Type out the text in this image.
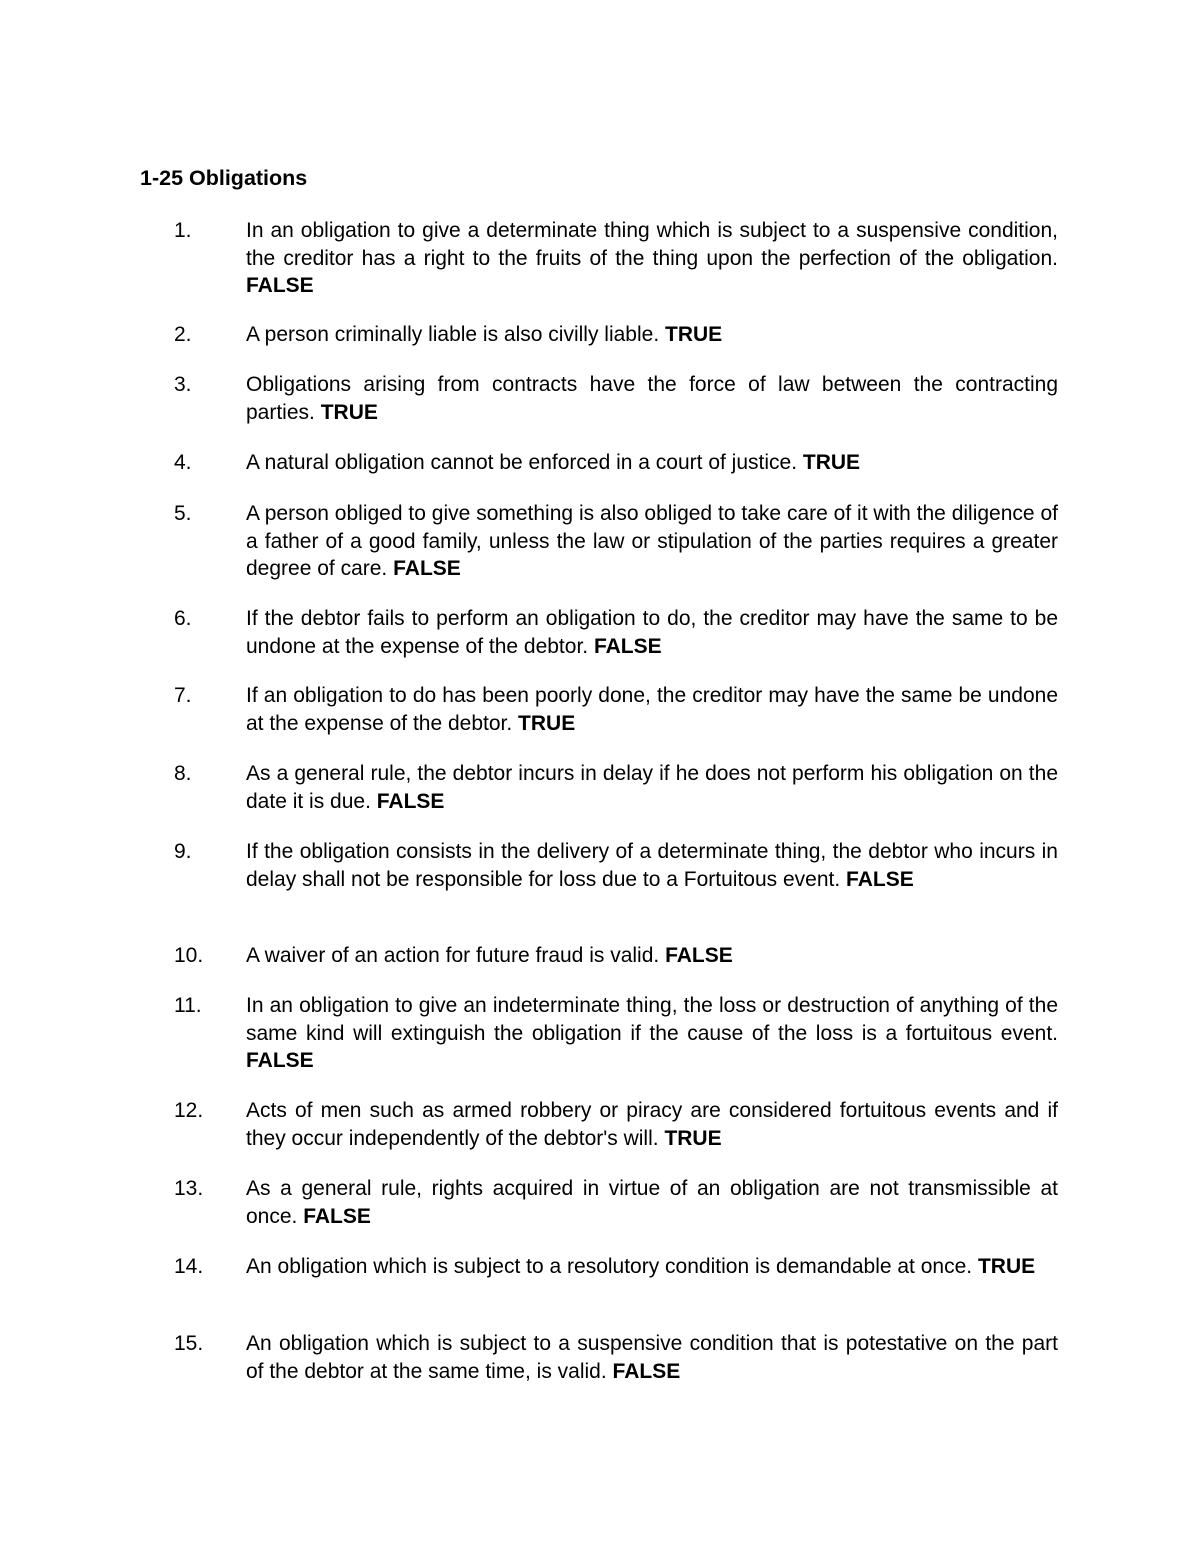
1-25 Obligations

1.	In an obligation to give a determinate thing which is subject to a suspensive condition, the creditor has a right to the fruits of the thing upon the perfection of the obligation. FALSE

2.	A person criminally liable is also civilly liable. TRUE

3.	Obligations arising from contracts have the force of law between the contracting parties. TRUE

4.	A natural obligation cannot be enforced in a court of justice. TRUE

5.	A person obliged to give something is also obliged to take care of it with the diligence of a father of a good family, unless the law or stipulation of the parties requires a greater degree of care. FALSE

6.	If the debtor fails to perform an obligation to do, the creditor may have the same to be undone at the expense of the debtor. FALSE

7.	If an obligation to do has been poorly done, the creditor may have the same be undone at the expense of the debtor. TRUE

8.	As a general rule, the debtor incurs in delay if he does not perform his obligation on the date it is due. FALSE

9.	If the obligation consists in the delivery of a determinate thing, the debtor who incurs in delay shall not be responsible for loss due to a Fortuitous event. FALSE

10. A waiver of an action for future fraud is valid. FALSE

11. In an obligation to give an indeterminate thing, the loss or destruction of anything of the same kind will extinguish the obligation if the cause of the loss is a fortuitous event. FALSE

12. Acts of men such as armed robbery or piracy are considered fortuitous events and if they occur independently of the debtor's will. TRUE

13. As a general rule, rights acquired in virtue of an obligation are not transmissible at once. FALSE

14. An obligation which is subject to a resolutory condition is demandable at once. TRUE

15. An obligation which is subject to a suspensive condition that is potestative on the part of the debtor at the same time, is valid. FALSE
